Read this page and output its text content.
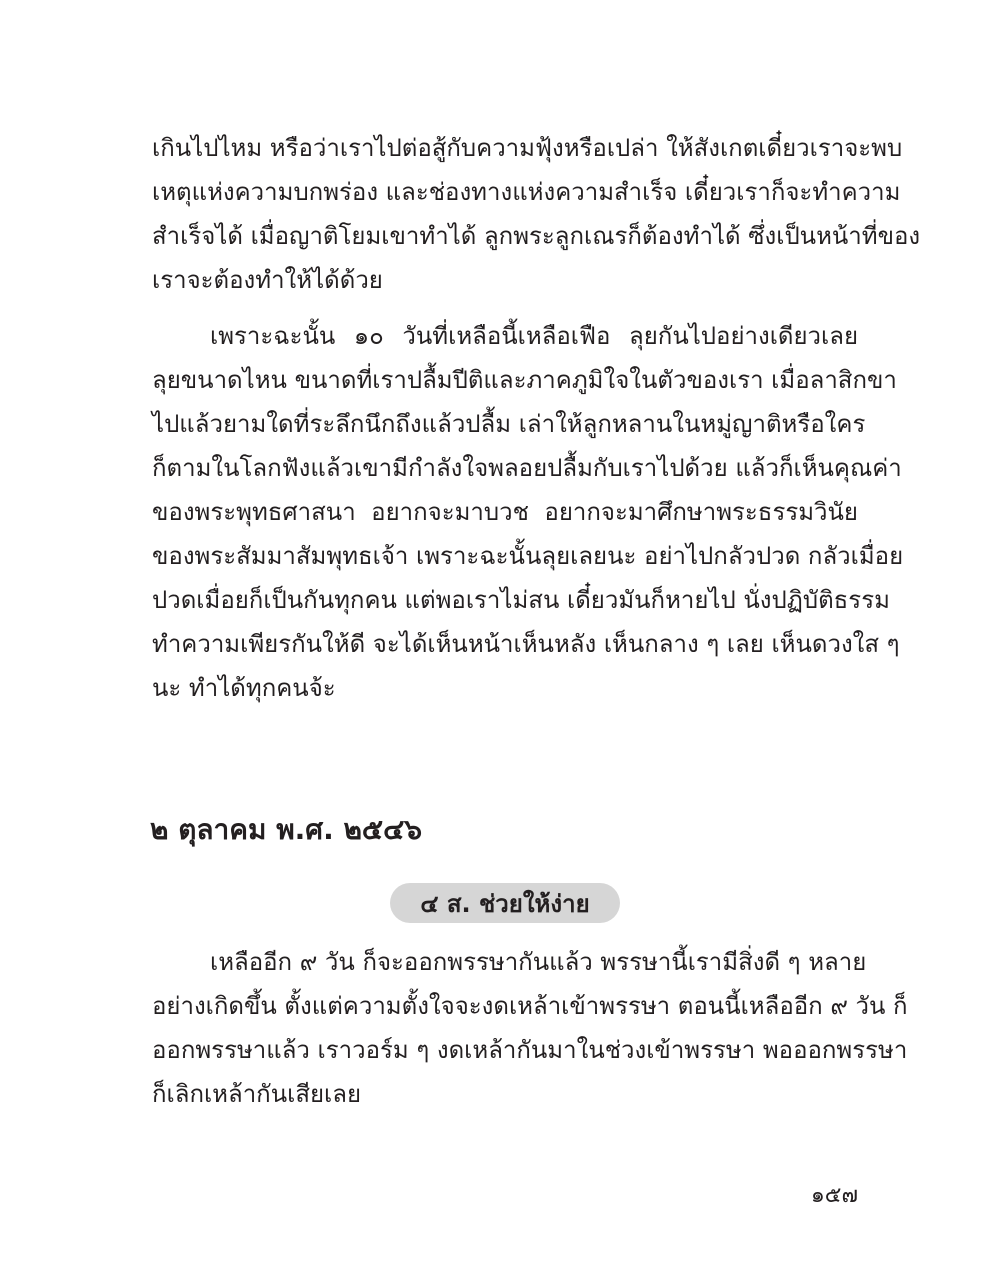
เกินไปไหม หรือว่าเราไปต่อสู้กับความฟุ้งหรือเปล่า ให้สังเกตเดี๋ยวเราจะพบ
เหตุแห่งความบกพร่อง และช่องทางแห่งความสำเร็จ เดี๋ยวเราก็จะทำความ
สำเร็จได้ เมื่อญาติโยมเขาทำได้ ลูกพระลูกเณรก็ต้องทำได้ ซึ่งเป็นหน้าที่ของ
เราจะต้องทำให้ได้ด้วย
เพราะฉะนั้น ๑๐ วันที่เหลือนี้เหลือเฟือ ลุยกันไปอย่างเดียวเลย
ลุยขนาดไหน ขนาดที่เราปลื้มปีติและภาคภูมิใจในตัวของเรา เมื่อลาสิกขา
ไปแล้วยามใดที่ระลึกนึกถึงแล้วปลื้ม เล่าให้ลูกหลานในหมู่ญาติหรือใคร
ก็ตามในโลกฟังแล้วเขามีกำลังใจพลอยปลื้มกับเราไปด้วย แล้วก็เห็นคุณค่า
ของพระพุทธศาสนา อยากจะมาบวช อยากจะมาศึกษาพระธรรมวินัย
ของพระสัมมาสัมพุทธเจ้า เพราะฉะนั้นลุยเลยนะ อย่าไปกลัวปวด กลัวเมื่อย
ปวดเมื่อยก็เป็นกันทุกคน แต่พอเราไม่สน เดี๋ยวมันก็หายไป นั่งปฏิบัติธรรม
ทำความเพียรกันให้ดี จะได้เห็นหน้าเห็นหลัง เห็นกลาง ๆ เลย เห็นดวงใส ๆ
นะ ทำได้ทุกคนจ้ะ
๒ ตุลาคม พ.ศ. ๒๕๔๖
๔ ส. ช่วยให้ง่าย
เหลืออีก ๙ วัน ก็จะออกพรรษากันแล้ว พรรษานี้เรามีสิ่งดี ๆ หลาย
อย่างเกิดขึ้น ตั้งแต่ความตั้งใจจะงดเหล้าเข้าพรรษา ตอนนี้เหลืออีก ๙ วัน ก็
ออกพรรษาแล้ว เราวอร์ม ๆ งดเหล้ากันมาในช่วงเข้าพรรษา พอออกพรรษา
ก็เลิกเหล้ากันเสียเลย
๑๕๗
